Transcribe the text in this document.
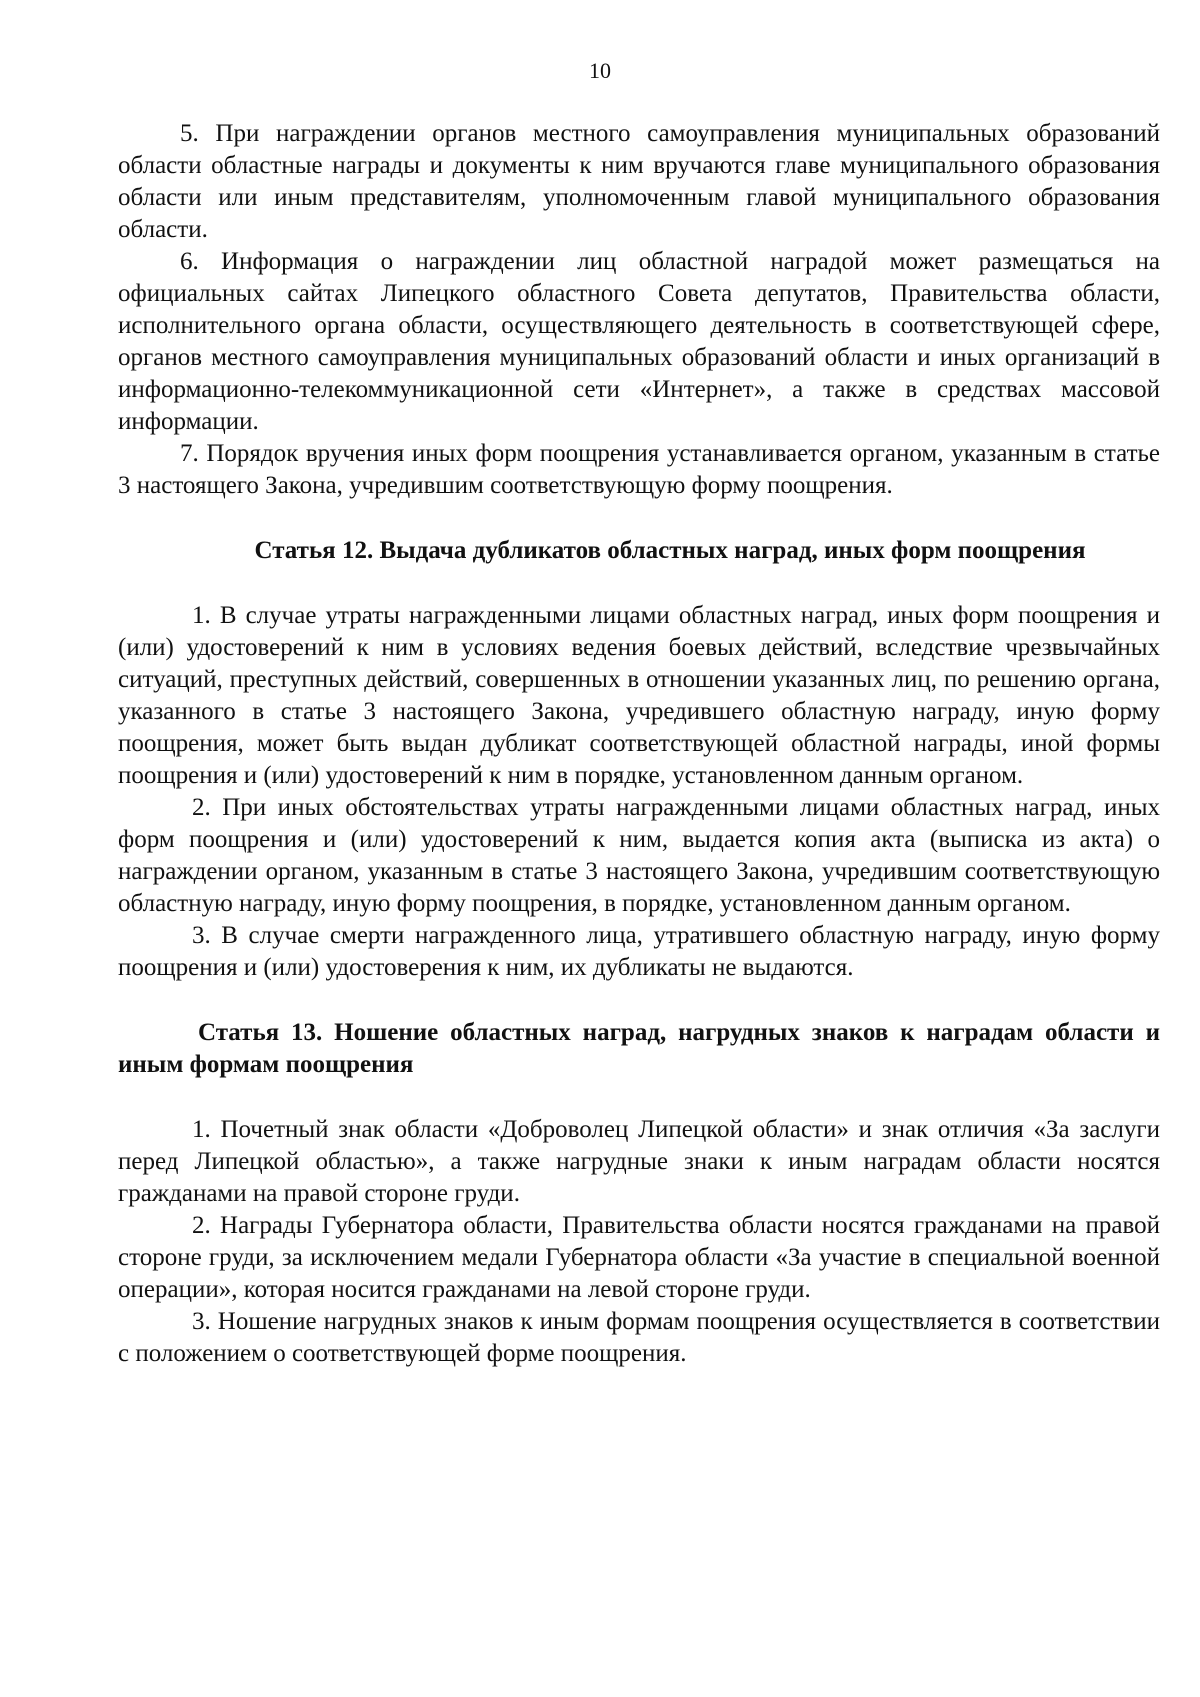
10

5. При награждении органов местного самоуправления муниципальных образований области областные награды и документы к ним вручаются главе муниципального образования области или иным представителям, уполномоченным главой муниципального образования области.

6. Информация о награждении лиц областной наградой может размещаться на официальных сайтах Липецкого областного Совета депутатов, Правительства области, исполнительного органа области, осуществляющего деятельность в соответствующей сфере, органов местного самоуправления муниципальных образований области и иных организаций в информационно-телекоммуникационной сети «Интернет», а также в средствах массовой информации.

7. Порядок вручения иных форм поощрения устанавливается органом, указанным в статье 3 настоящего Закона, учредившим соответствующую форму поощрения.

Статья 12. Выдача дубликатов областных наград, иных форм поощрения

1. В случае утраты награжденными лицами областных наград, иных форм поощрения и (или) удостоверений к ним в условиях ведения боевых действий, вследствие чрезвычайных ситуаций, преступных действий, совершенных в отношении указанных лиц, по решению органа, указанного в статье 3 настоящего Закона, учредившего областную награду, иную форму поощрения, может быть выдан дубликат соответствующей областной награды, иной формы поощрения и (или) удостоверений к ним в порядке, установленном данным органом.

2. При иных обстоятельствах утраты награжденными лицами областных наград, иных форм поощрения и (или) удостоверений к ним, выдается копия акта (выписка из акта) о награждении органом, указанным в статье 3 настоящего Закона, учредившим соответствующую областную награду, иную форму поощрения, в порядке, установленном данным органом.

3. В случае смерти награжденного лица, утратившего областную награду, иную форму поощрения и (или) удостоверения к ним, их дубликаты не выдаются.

Статья 13. Ношение областных наград, нагрудных знаков к наградам области и иным формам поощрения

1. Почетный знак области «Доброволец Липецкой области» и знак отличия «За заслуги перед Липецкой областью», а также нагрудные знаки к иным наградам области носятся гражданами на правой стороне груди.

2. Награды Губернатора области, Правительства области носятся гражданами на правой стороне груди, за исключением медали Губернатора области «За участие в специальной военной операции», которая носится гражданами на левой стороне груди.

3. Ношение нагрудных знаков к иным формам поощрения осуществляется в соответствии с положением о соответствующей форме поощрения.
